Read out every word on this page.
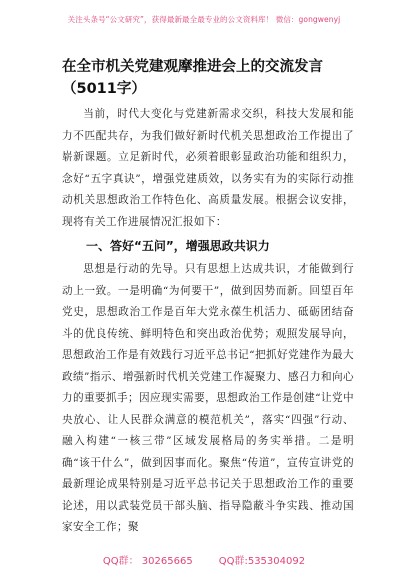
关注头条号“公文研究”，获得最新最全最专业的公文资料库！ 微信：gongwenyj
在全市机关党建观摩推进会上的交流发言（5011字）

当前，时代大变化与党建新需求交织，科技大发展和能力不匹配共存，为我们做好新时代机关思想政治工作提出了崭新课题。立足新时代，必须着眼彰显政治功能和组织力，念好“五字真诀”，增强党建质效，以务实有为的实际行动推动机关思想政治工作特色化、高质量发展。根据会议安排，现将有关工作进展情况汇报如下：

一、答好“五问”，增强思政共识力

思想是行动的先导。只有思想上达成共识，才能做到行动上一致。一是明确“为何要干”，做到因势而新。回望百年党史，思想政治工作是百年大党永葆生机活力、砥砺团结奋斗的优良传统、鲜明特色和突出政治优势；观照发展导向，思想政治工作是有效践行习近平总书记“把抓好党建作为最大政绩”指示、增强新时代机关党建工作凝聚力、感召力和向心力的重要抓手；因应现实需要，思想政治工作是创建“让党中央放心、让人民群众满意的模范机关”，落实“四强”行动、融入构建“一核三带”区域发展格局的务实举措。二是明确“该干什么”，做到因事而化。聚焦“传道”，宣传宣讲党的最新理论成果特别是习近平总书记关于思想政治工作的重要论述，用以武装党员干部头脑、指导隐蔽斗争实践、推动国家安全工作；聚

QQ群： 30265665	QQ群:535304092
